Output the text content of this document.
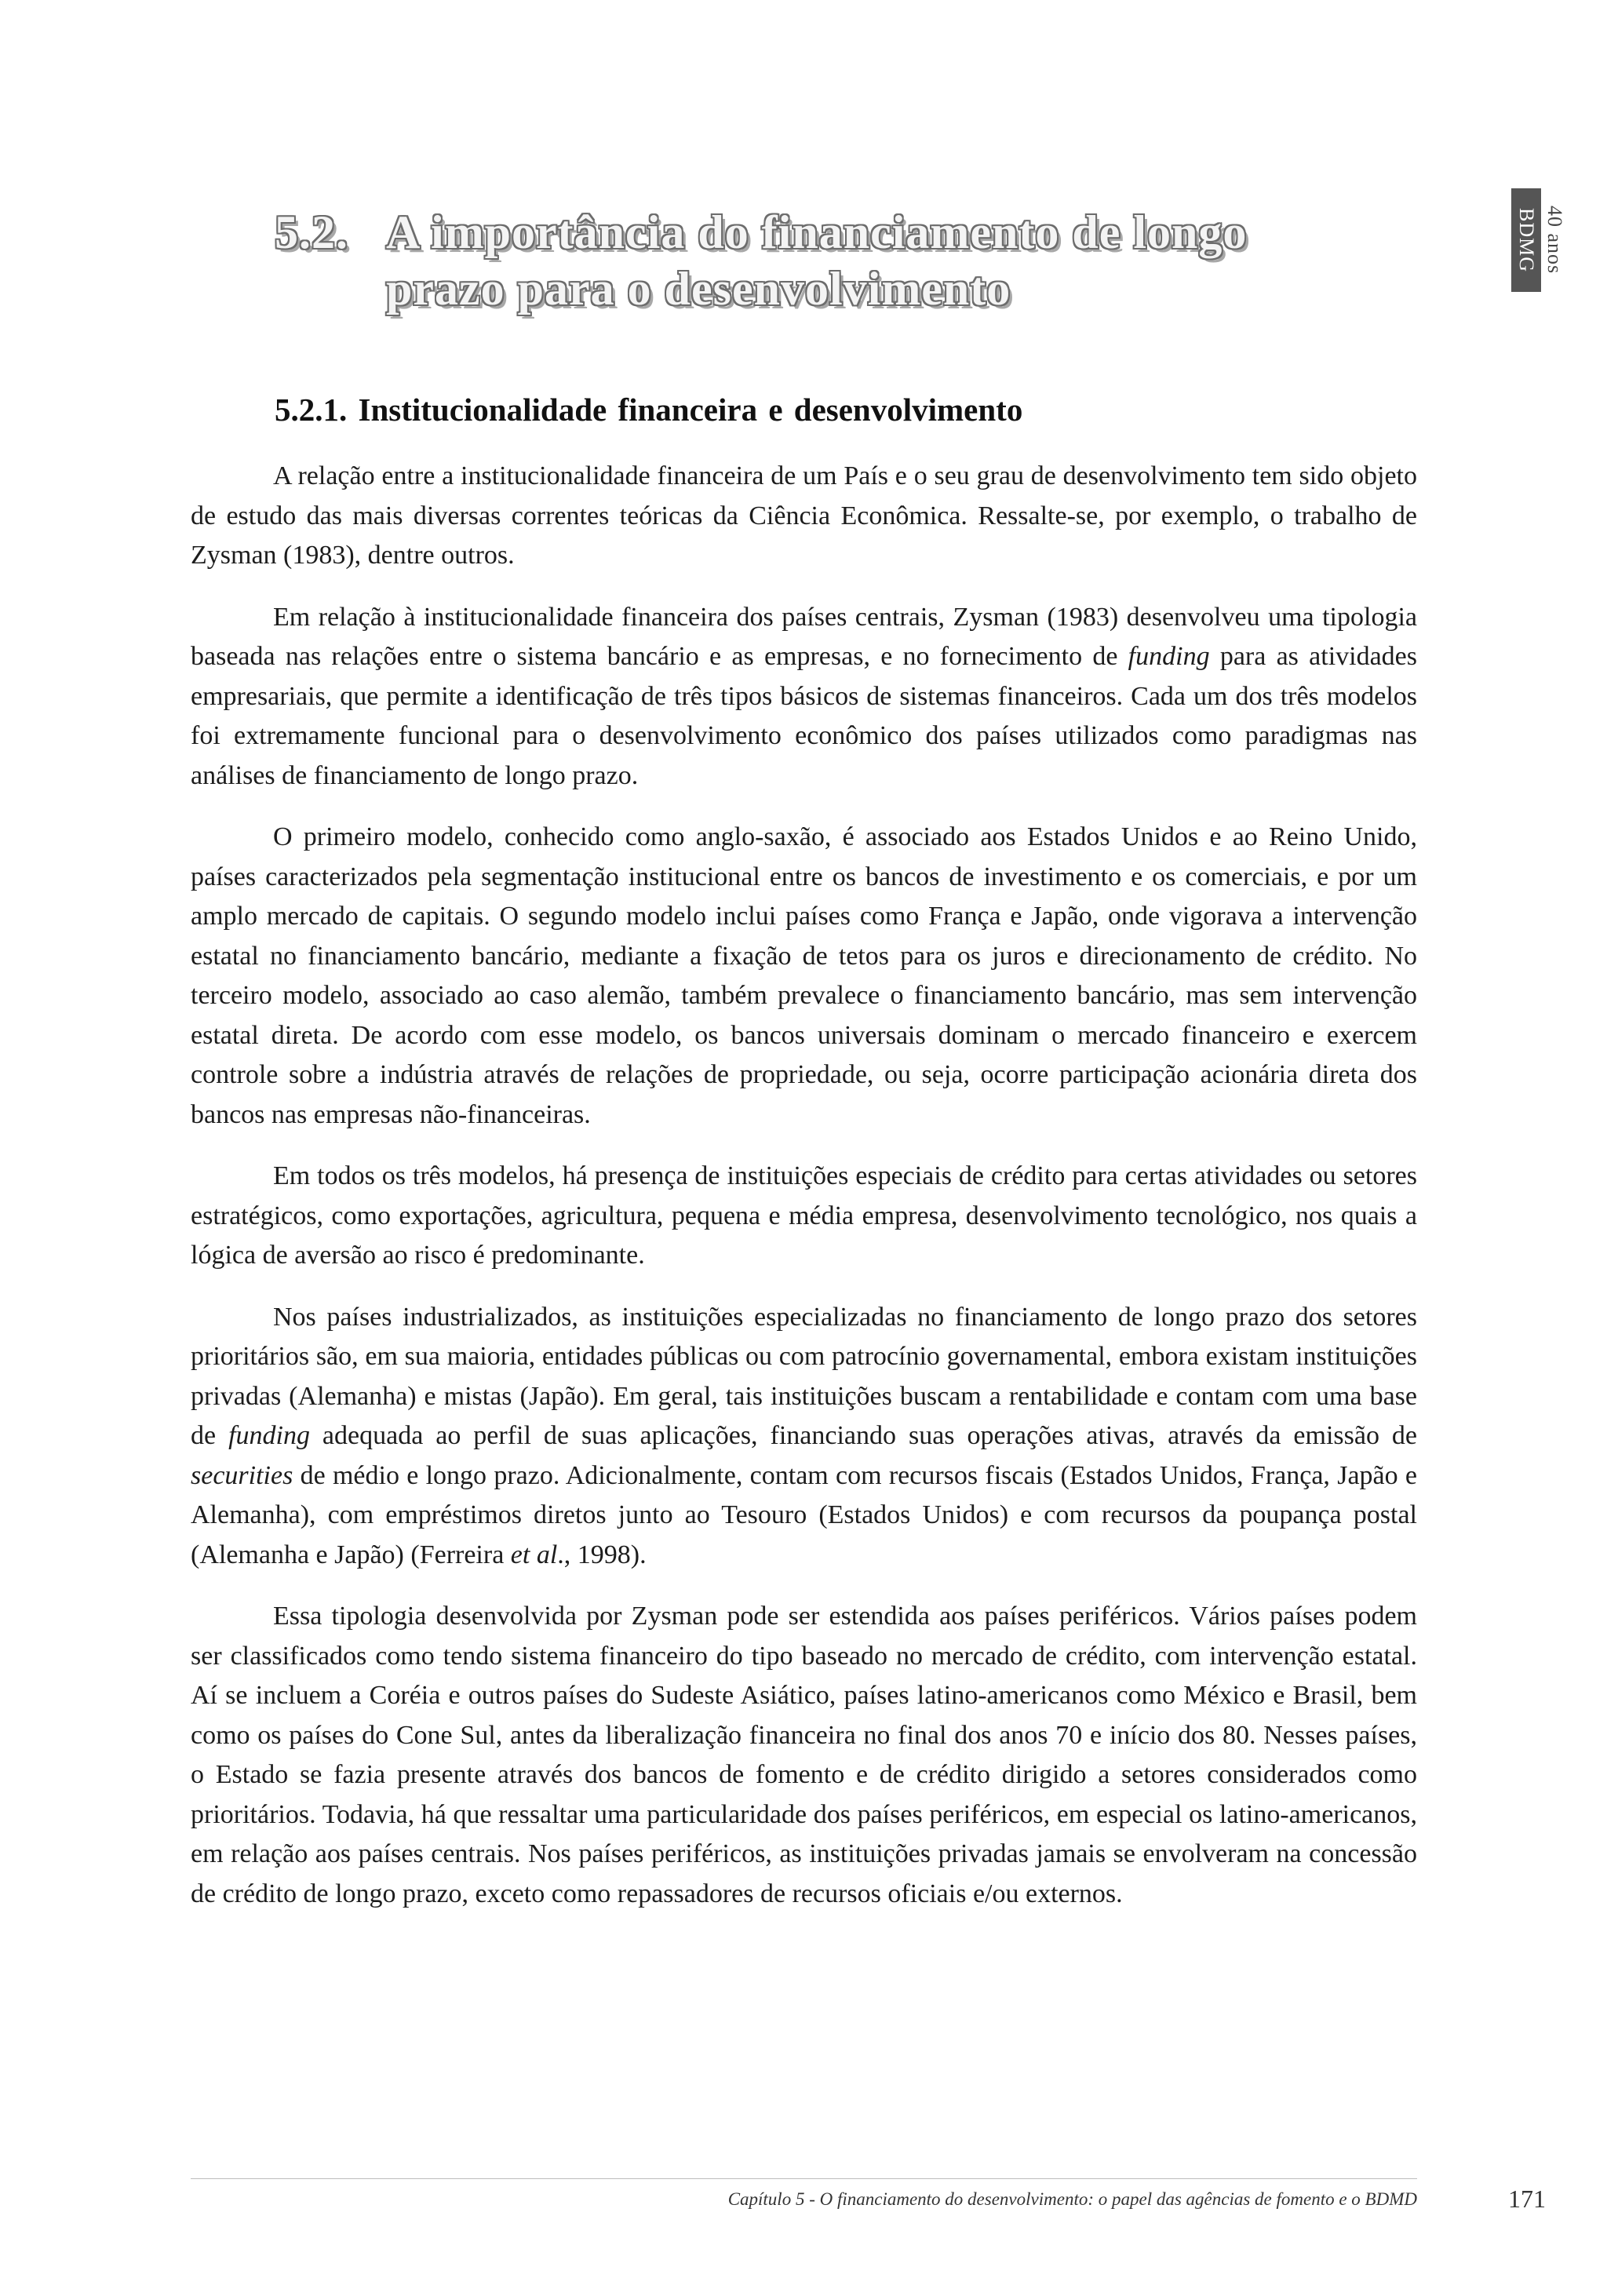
5.2. A importância do financiamento de longo
prazo para o desenvolvimento
BDMG 40 anos
5.2.1. Institucionalidade financeira e desenvolvimento

A relação entre a institucionalidade financeira de um País e o seu grau de desenvolvimento tem sido objeto de estudo das mais diversas correntes teóricas da Ciência Econômica. Ressalte-se, por exemplo, o trabalho de Zysman (1983), dentre outros.

Em relação à institucionalidade financeira dos países centrais, Zysman (1983) desenvolveu uma tipologia baseada nas relações entre o sistema bancário e as empresas, e no fornecimento de funding para as atividades empresariais, que permite a identificação de três tipos básicos de sistemas financeiros. Cada um dos três modelos foi extremamente funcional para o desenvolvimento econômico dos países utilizados como paradigmas nas análises de financiamento de longo prazo.

O primeiro modelo, conhecido como anglo-saxão, é associado aos Estados Unidos e ao Reino Unido, países caracterizados pela segmentação institucional entre os bancos de investimento e os comerciais, e por um amplo mercado de capitais. O segundo modelo inclui países como França e Japão, onde vigorava a intervenção estatal no financiamento bancário, mediante a fixação de tetos para os juros e direcionamento de crédito. No terceiro modelo, associado ao caso alemão, também prevalece o financiamento bancário, mas sem intervenção estatal direta. De acordo com esse modelo, os bancos universais dominam o mercado financeiro e exercem controle sobre a indústria através de relações de propriedade, ou seja, ocorre participação acionária direta dos bancos nas empresas não-financeiras.

Em todos os três modelos, há presença de instituições especiais de crédito para certas atividades ou setores estratégicos, como exportações, agricultura, pequena e média empresa, desenvolvimento tecnológico, nos quais a lógica de aversão ao risco é predominante.

Nos países industrializados, as instituições especializadas no financiamento de longo prazo dos setores prioritários são, em sua maioria, entidades públicas ou com patrocínio governamental, embora existam instituições privadas (Alemanha) e mistas (Japão). Em geral, tais instituições buscam a rentabilidade e contam com uma base de funding adequada ao perfil de suas aplicações, financiando suas operações ativas, através da emissão de securities de médio e longo prazo. Adicionalmente, contam com recursos fiscais (Estados Unidos, França, Japão e Alemanha), com empréstimos diretos junto ao Tesouro (Estados Unidos) e com recursos da poupança postal (Alemanha e Japão) (Ferreira et al., 1998).

Essa tipologia desenvolvida por Zysman pode ser estendida aos países periféricos. Vários países podem ser classificados como tendo sistema financeiro do tipo baseado no mercado de crédito, com intervenção estatal. Aí se incluem a Coréia e outros países do Sudeste Asiático, países latino-americanos como México e Brasil, bem como os países do Cone Sul, antes da liberalização financeira no final dos anos 70 e início dos 80. Nesses países, o Estado se fazia presente através dos bancos de fomento e de crédito dirigido a setores considerados como prioritários. Todavia, há que ressaltar uma particularidade dos países periféricos, em especial os latino-americanos, em relação aos países centrais. Nos países periféricos, as instituições privadas jamais se envolveram na concessão de crédito de longo prazo, exceto como repassadores de recursos oficiais e/ou externos.

Capítulo 5 - O financiamento do desenvolvimento: o papel das agências de fomento e o BDMD	171
